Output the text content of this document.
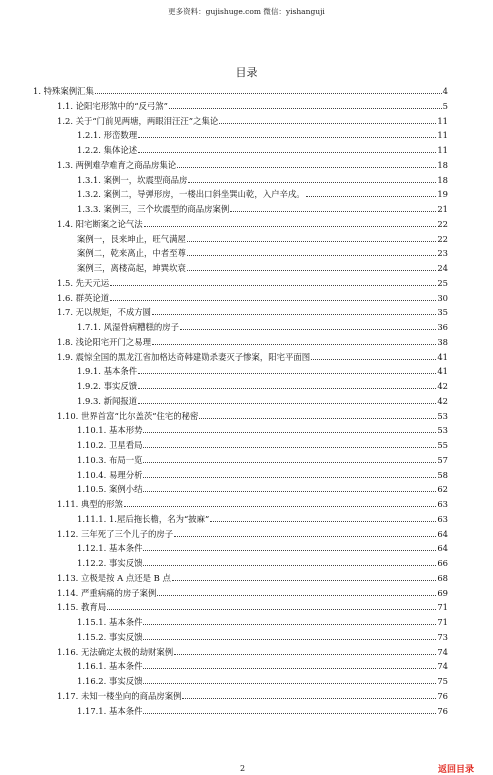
更多资料：gujishuge.com 微信：yishanguji
目录
1. 特殊案例汇集	4
1.1. 论阳宅形煞中的“反弓煞”	5
1.2. 关于“门前见两塘，两眼泪汪汪”之集论	11
1.2.1. 形峦数理	11
1.2.2. 集体论述	11
1.3. 两例难孕难育之商品房集论	18
1.3.1. 案例一，坎震型商品房	18
1.3.2. 案例二，导弹形房，一楼出口斜坐巽山乾，入户辛戌。	19
1.3.3. 案例三，三个坎震型的商品房案例	21
1.4. 阳宅断案之论气法	22
案例一，艮来坤止，旺气满屋	22
案例二，乾来离止，中者至尊	23
案例三，离楼高起，坤巽坎衰	24
1.5. 先天元运	25
1.6. 群英论道	30
1.7. 无以规矩，不成方圆	35
1.7.1. 风湿骨病糟糕的房子	36
1.8. 浅论阳宅开门之易理	38
1.9. 震惊全国的黑龙江省加格达奇韩建勋杀妻灭子惨案，阳宅平面图	41
1.9.1. 基本条件	41
1.9.2. 事实反馈	42
1.9.3. 新闻报道	42
1.10. 世界首富“比尔盖茨”住宅的秘密	53
1.10.1. 基本形势	53
1.10.2. 卫星看局	55
1.10.3. 布局一览	57
1.10.4. 易理分析	58
1.10.5. 案例小结	62
1.11. 典型的形煞	63
1.11.1. 1.屋后拖长檐，名为“披麻”	63
1.12. 三年死了三个儿子的房子	64
1.12.1. 基本条件	64
1.12.2. 事实反馈	66
1.13. 立极是按 A 点还是 B 点	68
1.14. 严重病痛的房子案例	69
1.15. 教育局	71
1.15.1. 基本条件	71
1.15.2. 事实反馈	73
1.16. 无法确定太极的劫财案例	74
1.16.1. 基本条件	74
1.16.2. 事实反馈	75
1.17. 未知一楼坐向的商品房案例	76
1.17.1. 基本条件	76
2	返回目录
